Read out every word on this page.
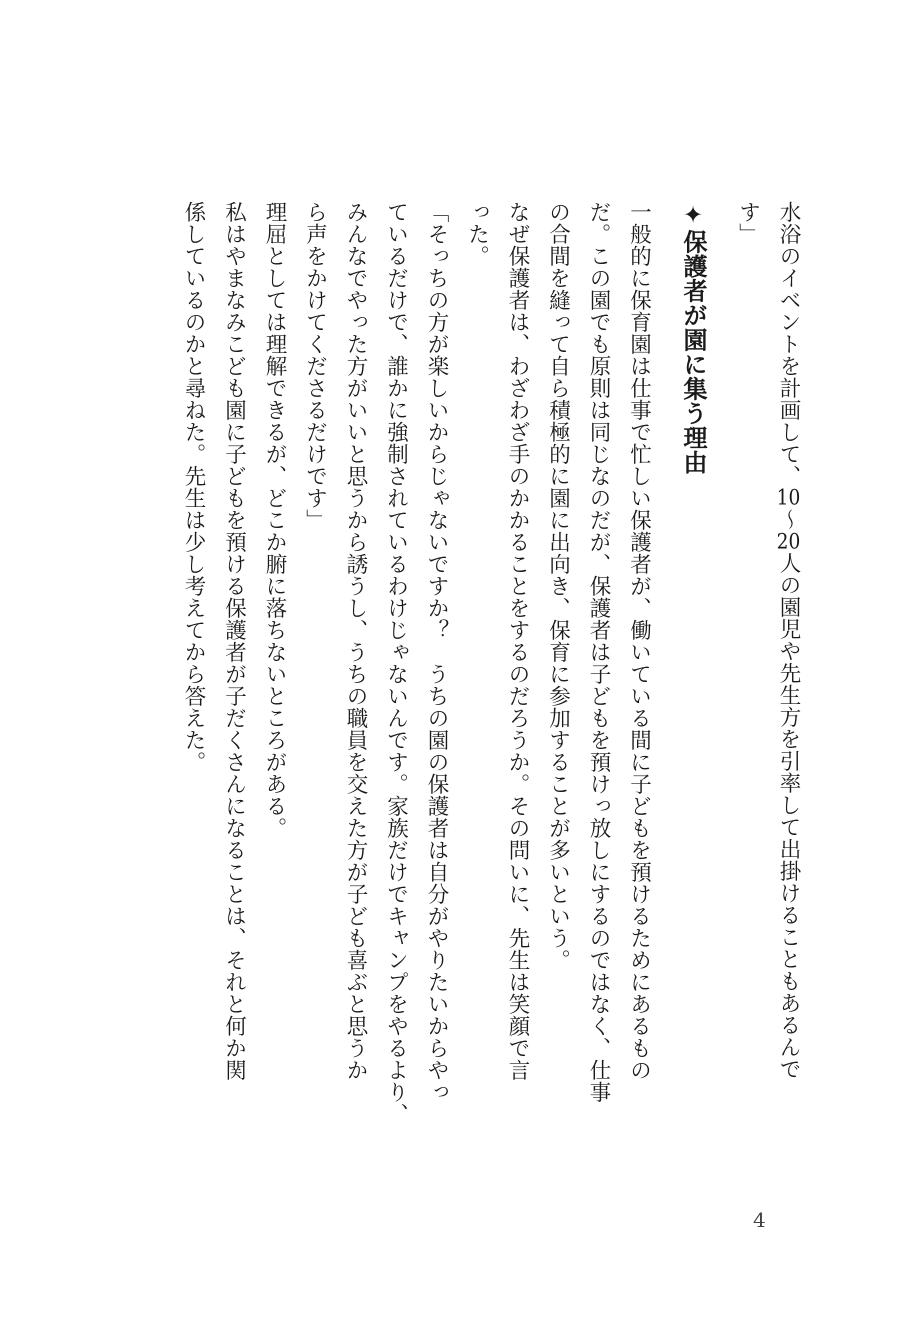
水浴のイベントを計画して、10～20人の園児や先生方を引率して出掛けることもあるんで

す」

✦保護者が園に集う理由

一般的に保育園は仕事で忙しい保護者が、働いている間に子どもを預けるためにあるもの

だ。この園でも原則は同じなのだが、保護者は子どもを預けっ放しにするのではなく、仕事

の合間を縫って自ら積極的に園に出向き、保育に参加することが多いという。

なぜ保護者は、わざわざ手のかかることをするのだろうか。その問いに、先生は笑顔で言

った。

「そっちの方が楽しいからじゃないですか？　うちの園の保護者は自分がやりたいからやっ

ているだけで、誰かに強制されているわけじゃないんです。家族だけでキャンプをやるより、

みんなでやった方がいいと思うから誘うし、うちの職員を交えた方が子ども喜ぶと思うか

ら声をかけてくださるだけです」

理屈としては理解できるが、どこか腑に落ちないところがある。

私はやまなみこども園に子どもを預ける保護者が子だくさんになることは、それと何か関

係しているのかと尋ねた。先生は少し考えてから答えた。

4
